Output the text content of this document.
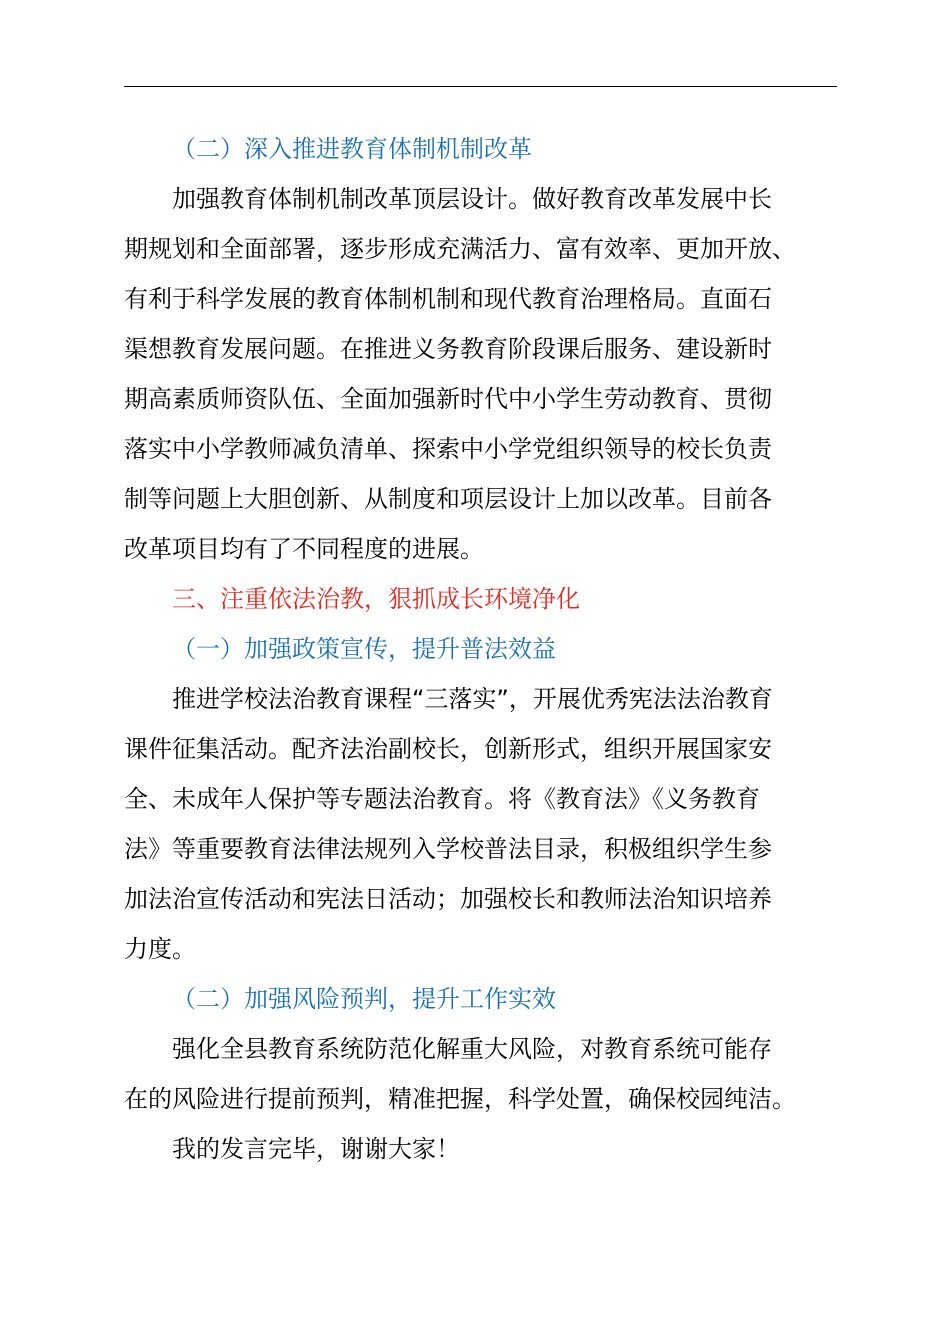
（二）深入推进教育体制机制改革
加强教育体制机制改革顶层设计。做好教育改革发展中长
期规划和全面部署，逐步形成充满活力、富有效率、更加开放、
有利于科学发展的教育体制机制和现代教育治理格局。直面石
渠想教育发展问题。在推进义务教育阶段课后服务、建设新时
期高素质师资队伍、全面加强新时代中小学生劳动教育、贯彻
落实中小学教师减负清单、探索中小学党组织领导的校长负责
制等问题上大胆创新、从制度和项层设计上加以改革。目前各
改革项目均有了不同程度的进展。
三、注重依法治教，狠抓成长环境净化
（一）加强政策宣传，提升普法效益
推进学校法治教育课程“三落实”，开展优秀宪法法治教育
课件征集活动。配齐法治副校长，创新形式，组织开展国家安
全、未成年人保护等专题法治教育。将《教育法》《义务教育
法》等重要教育法律法规列入学校普法目录，积极组织学生参
加法治宣传活动和宪法日活动；加强校长和教师法治知识培养
力度。
（二）加强风险预判，提升工作实效
强化全县教育系统防范化解重大风险，对教育系统可能存
在的风险进行提前预判，精准把握，科学处置，确保校园纯洁。
我的发言完毕，谢谢大家！
